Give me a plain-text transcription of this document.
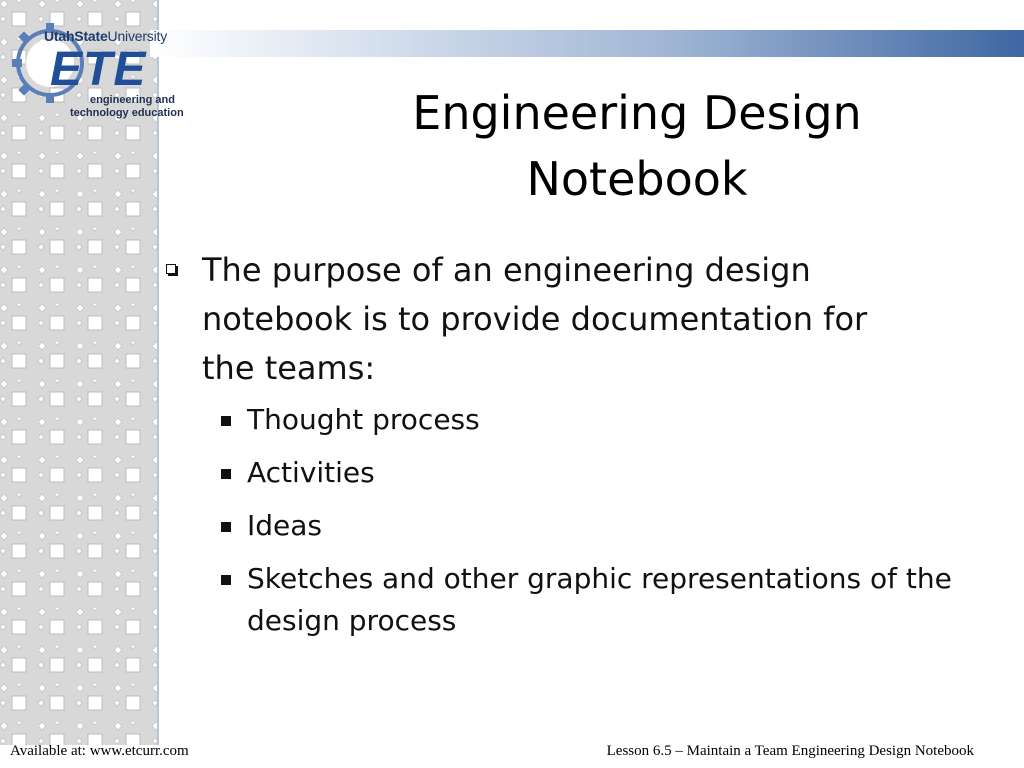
UtahStateUniversity
ETE
engineering and
technology education	Engineering Design Notebook
The purpose of an engineering design notebook is to provide documentation for the teams:
Thought process
Activities
Ideas
Sketches and other graphic representations of the design process
Available at: www.etcurr.com	Lesson 6.5 – Maintain a Team Engineering Design Notebook
